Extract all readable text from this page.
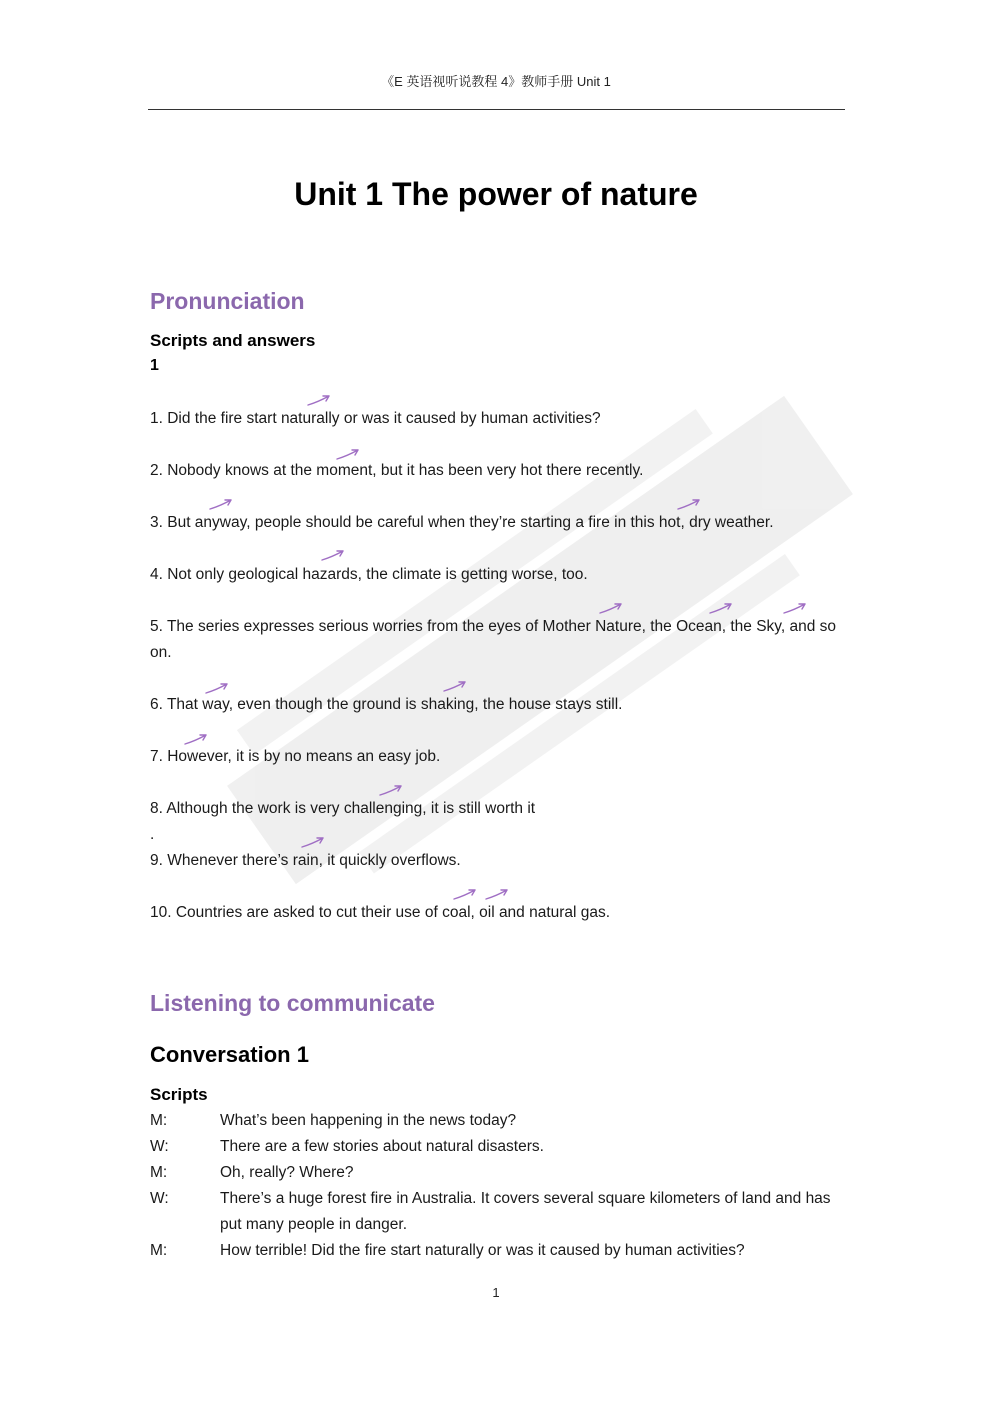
《E 英语视听说教程 4》教师手册 Unit 1
Unit 1 The power of nature
Pronunciation
Scripts and answers
1
1. Did the fire start naturally or was it caused by human activities?
2. Nobody knows at the moment, but it has been very hot there recently.
3. But anyway, people should be careful when they’re starting a fire in this hot, dry weather.
4. Not only geological hazards, the climate is getting worse, too.
5. The series expresses serious worries from the eyes of Mother Nature, the Ocean, the Sky, and so on.
6. That way, even though the ground is shaking, the house stays still.
7. However, it is by no means an easy job.
8. Although the work is very challenging, it is still worth it
.
9. Whenever there’s rain, it quickly overflows.
10. Countries are asked to cut their use of coal, oil and natural gas.
Listening to communicate
Conversation 1
Scripts
M:	What’s been happening in the news today?
W:	There are a few stories about natural disasters.
M:	Oh, really? Where?
W:	There’s a huge forest fire in Australia. It covers several square kilometers of land and has put many people in danger.
M:	How terrible! Did the fire start naturally or was it caused by human activities?
1
